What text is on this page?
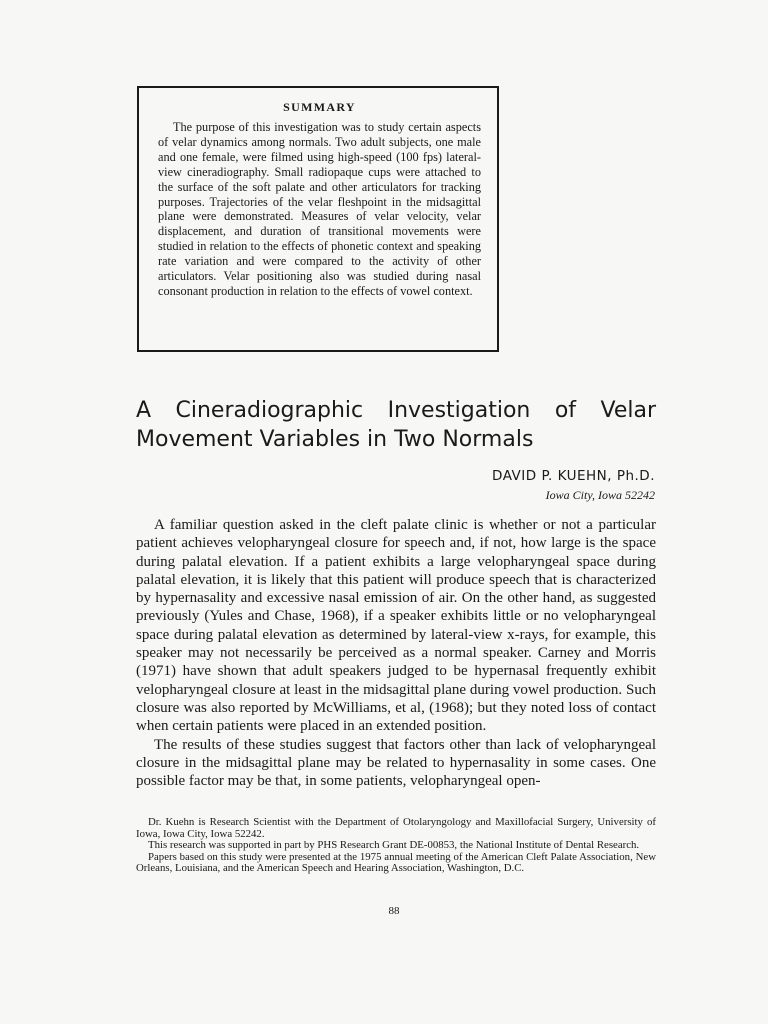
SUMMARY

The purpose of this investigation was to study certain aspects of velar dynamics among normals. Two adult subjects, one male and one female, were filmed using high-speed (100 fps) lateral-view cineradiography. Small radiopaque cups were attached to the surface of the soft palate and other articulators for tracking purposes. Trajectories of the velar fleshpoint in the midsagittal plane were demonstrated. Measures of velar velocity, velar displacement, and duration of transitional movements were studied in relation to the effects of phonetic context and speaking rate variation and were compared to the activity of other articulators. Velar positioning also was studied during nasal consonant production in relation to the effects of vowel context.

A Cineradiographic Investigation of Velar
Movement Variables in Two Normals
DAVID P. KUEHN, Ph.D.
Iowa City, Iowa 52242

A familiar question asked in the cleft palate clinic is whether or not a particular patient achieves velopharyngeal closure for speech and, if not, how large is the space during palatal elevation. If a patient exhibits a large velopharyngeal space during palatal elevation, it is likely that this patient will produce speech that is characterized by hypernasality and excessive nasal emission of air. On the other hand, as suggested previously (Yules and Chase, 1968), if a speaker exhibits little or no velopharyngeal space during palatal elevation as determined by lateral-view x-rays, for example, this speaker may not necessarily be perceived as a normal speaker. Carney and Morris (1971) have shown that adult speakers judged to be hypernasal frequently exhibit velopharyngeal closure at least in the midsagittal plane during vowel production. Such closure was also reported by McWilliams, et al, (1968); but they noted loss of contact when certain patients were placed in an extended position.

The results of these studies suggest that factors other than lack of velopharyngeal closure in the midsagittal plane may be related to hypernasality in some cases. One possible factor may be that, in some patients, velopharyngeal open-

Dr. Kuehn is Research Scientist with the Department of Otolaryngology and Maxillofacial Surgery, University of Iowa, Iowa City, Iowa 52242.

This research was supported in part by PHS Research Grant DE-00853, the National Institute of Dental Research.

Papers based on this study were presented at the 1975 annual meeting of the American Cleft Palate Association, New Orleans, Louisiana, and the American Speech and Hearing Association, Washington, D.C.

88
